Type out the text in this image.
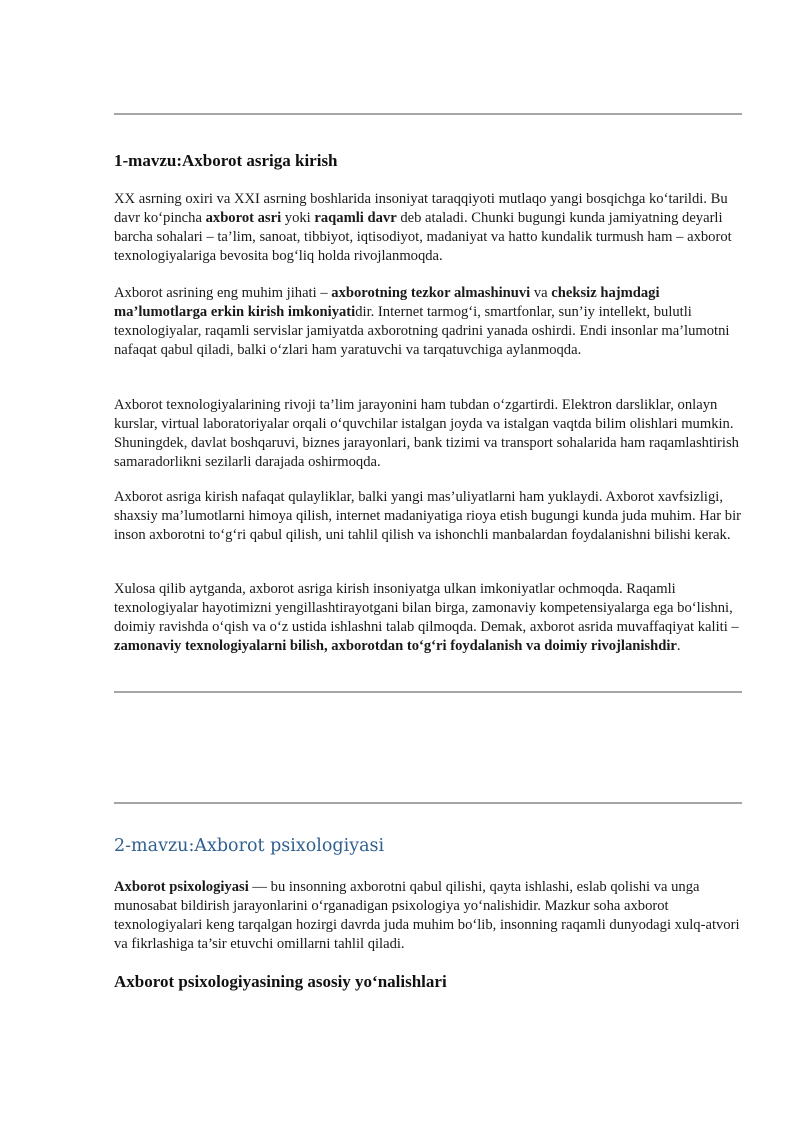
1-mavzu:Axborot asriga kirish

XX asrning oxiri va XXI asrning boshlarida insoniyat taraqqiyoti mutlaqo yangi bosqichga ko‘tarildi. Bu davr ko‘pincha axborot asri yoki raqamli davr deb ataladi. Chunki bugungi kunda jamiyatning deyarli barcha sohalari – ta’lim, sanoat, tibbiyot, iqtisodiyot, madaniyat va hatto kundalik turmush ham – axborot texnologiyalariga bevosita bog‘liq holda rivojlanmoqda.

Axborot asrining eng muhim jihati – axborotning tezkor almashinuvi va cheksiz hajmdagi ma’lumotlarga erkin kirish imkoniyatidir. Internet tarmog‘i, smartfonlar, sun’iy intellekt, bulutli texnologiyalar, raqamli servislar jamiyatda axborotning qadrini yanada oshirdi. Endi insonlar ma’lumotni nafaqat qabul qiladi, balki o‘zlari ham yaratuvchi va tarqatuvchiga aylanmoqda.

Axborot texnologiyalarining rivoji ta’lim jarayonini ham tubdan o‘zgartirdi. Elektron darsliklar, onlayn kurslar, virtual laboratoriyalar orqali o‘quvchilar istalgan joyda va istalgan vaqtda bilim olishlari mumkin. Shuningdek, davlat boshqaruvi, biznes jarayonlari, bank tizimi va transport sohalarida ham raqamlashtirish samaradorlikni sezilarli darajada oshirmoqda.

Axborot asriga kirish nafaqat qulayliklar, balki yangi mas’uliyatlarni ham yuklaydi. Axborot xavfsizligi, shaxsiy ma’lumotlarni himoya qilish, internet madaniyatiga rioya etish bugungi kunda juda muhim. Har bir inson axborotni to‘g‘ri qabul qilish, uni tahlil qilish va ishonchli manbalardan foydalanishni bilishi kerak.

Xulosa qilib aytganda, axborot asriga kirish insoniyatga ulkan imkoniyatlar ochmoqda. Raqamli texnologiyalar hayotimizni yengillashtirayotgani bilan birga, zamonaviy kompetensiyalarga ega bo‘lishni, doimiy ravishda o‘qish va o‘z ustida ishlashni talab qilmoqda. Demak, axborot asrida muvaffaqiyat kaliti – zamonaviy texnologiyalarni bilish, axborotdan to‘g‘ri foydalanish va doimiy rivojlanishdir.

2-mavzu:Axborot psixologiyasi

Axborot psixologiyasi — bu insonning axborotni qabul qilishi, qayta ishlashi, eslab qolishi va unga munosabat bildirish jarayonlarini o‘rganadigan psixologiya yo‘nalishidir. Mazkur soha axborot texnologiyalari keng tarqalgan hozirgi davrda juda muhim bo‘lib, insonning raqamli dunyodagi xulq-atvori va fikrlashiga ta’sir etuvchi omillarni tahlil qiladi.

Axborot psixologiyasining asosiy yo‘nalishlari
